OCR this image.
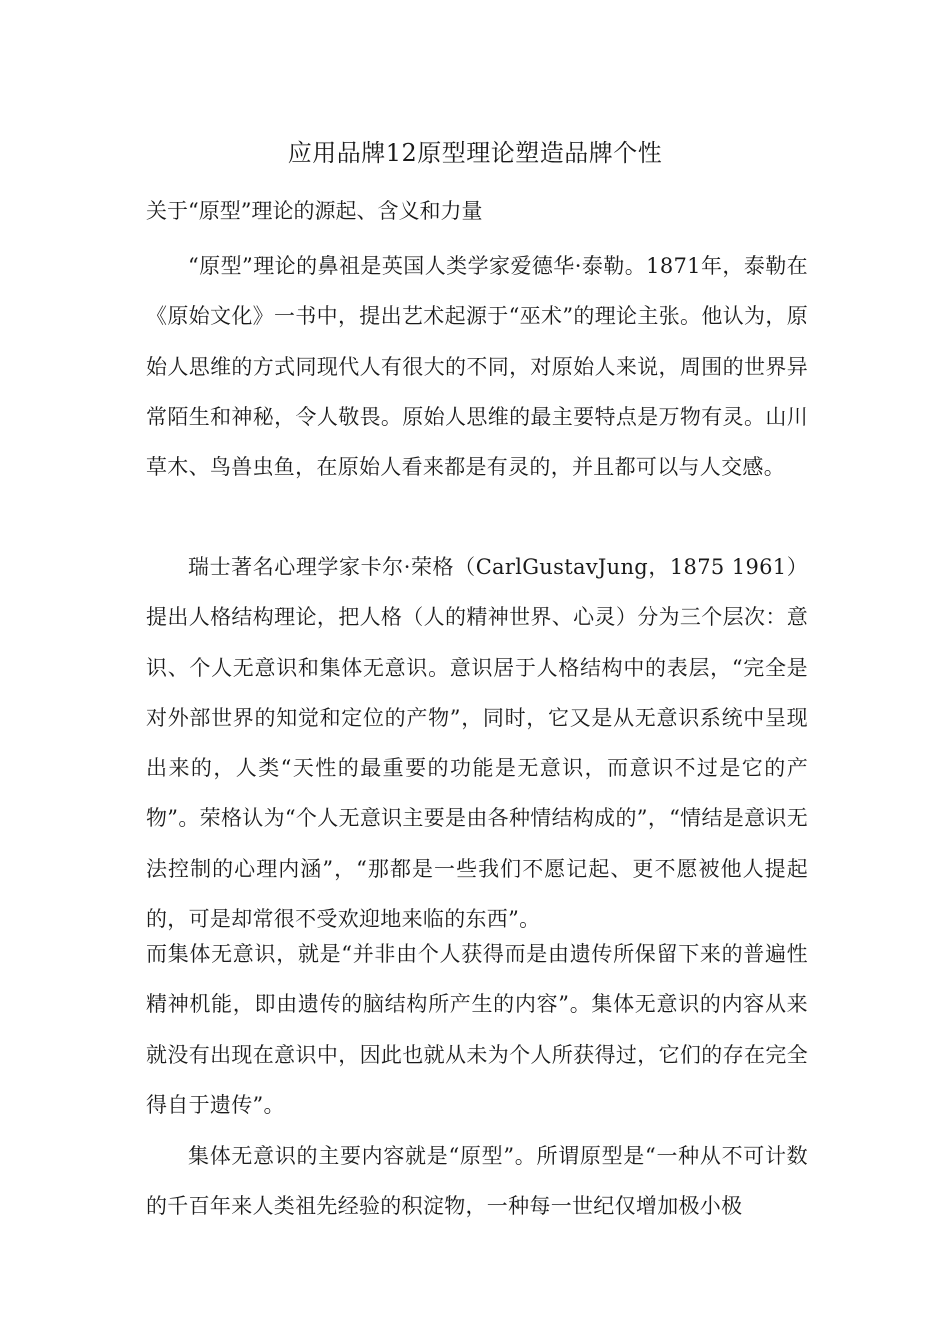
应用品牌12原型理论塑造品牌个性
关于“原型”理论的源起、含义和力量

“原型”理论的鼻祖是英国人类学家爱德华·泰勒。1871年，泰勒在《原始文化》一书中，提出艺术起源于“巫术”的理论主张。他认为，原始人思维的方式同现代人有很大的不同，对原始人来说，周围的世界异常陌生和神秘，令人敬畏。原始人思维的最主要特点是万物有灵。山川草木、鸟兽虫鱼，在原始人看来都是有灵的，并且都可以与人交感。

瑞士著名心理学家卡尔·荣格（CarlGustavJung，1875 1961）提出人格结构理论，把人格（人的精神世界、心灵）分为三个层次：意识、个人无意识和集体无意识。意识居于人格结构中的表层，“完全是对外部世界的知觉和定位的产物”，同时，它又是从无意识系统中呈现出来的，人类“天性的最重要的功能是无意识，而意识不过是它的产物”。荣格认为“个人无意识主要是由各种情结构成的”，“情结是意识无法控制的心理内涵”，“那都是一些我们不愿记起、更不愿被他人提起的，可是却常很不受欢迎地来临的东西”。

而集体无意识，就是“并非由个人获得而是由遗传所保留下来的普遍性精神机能，即由遗传的脑结构所产生的内容”。集体无意识的内容从来就没有出现在意识中，因此也就从未为个人所获得过，它们的存在完全得自于遗传”。

集体无意识的主要内容就是“原型”。所谓原型是“一种从不可计数的千百年来人类祖先经验的积淀物，一种每一世纪仅增加极小极
